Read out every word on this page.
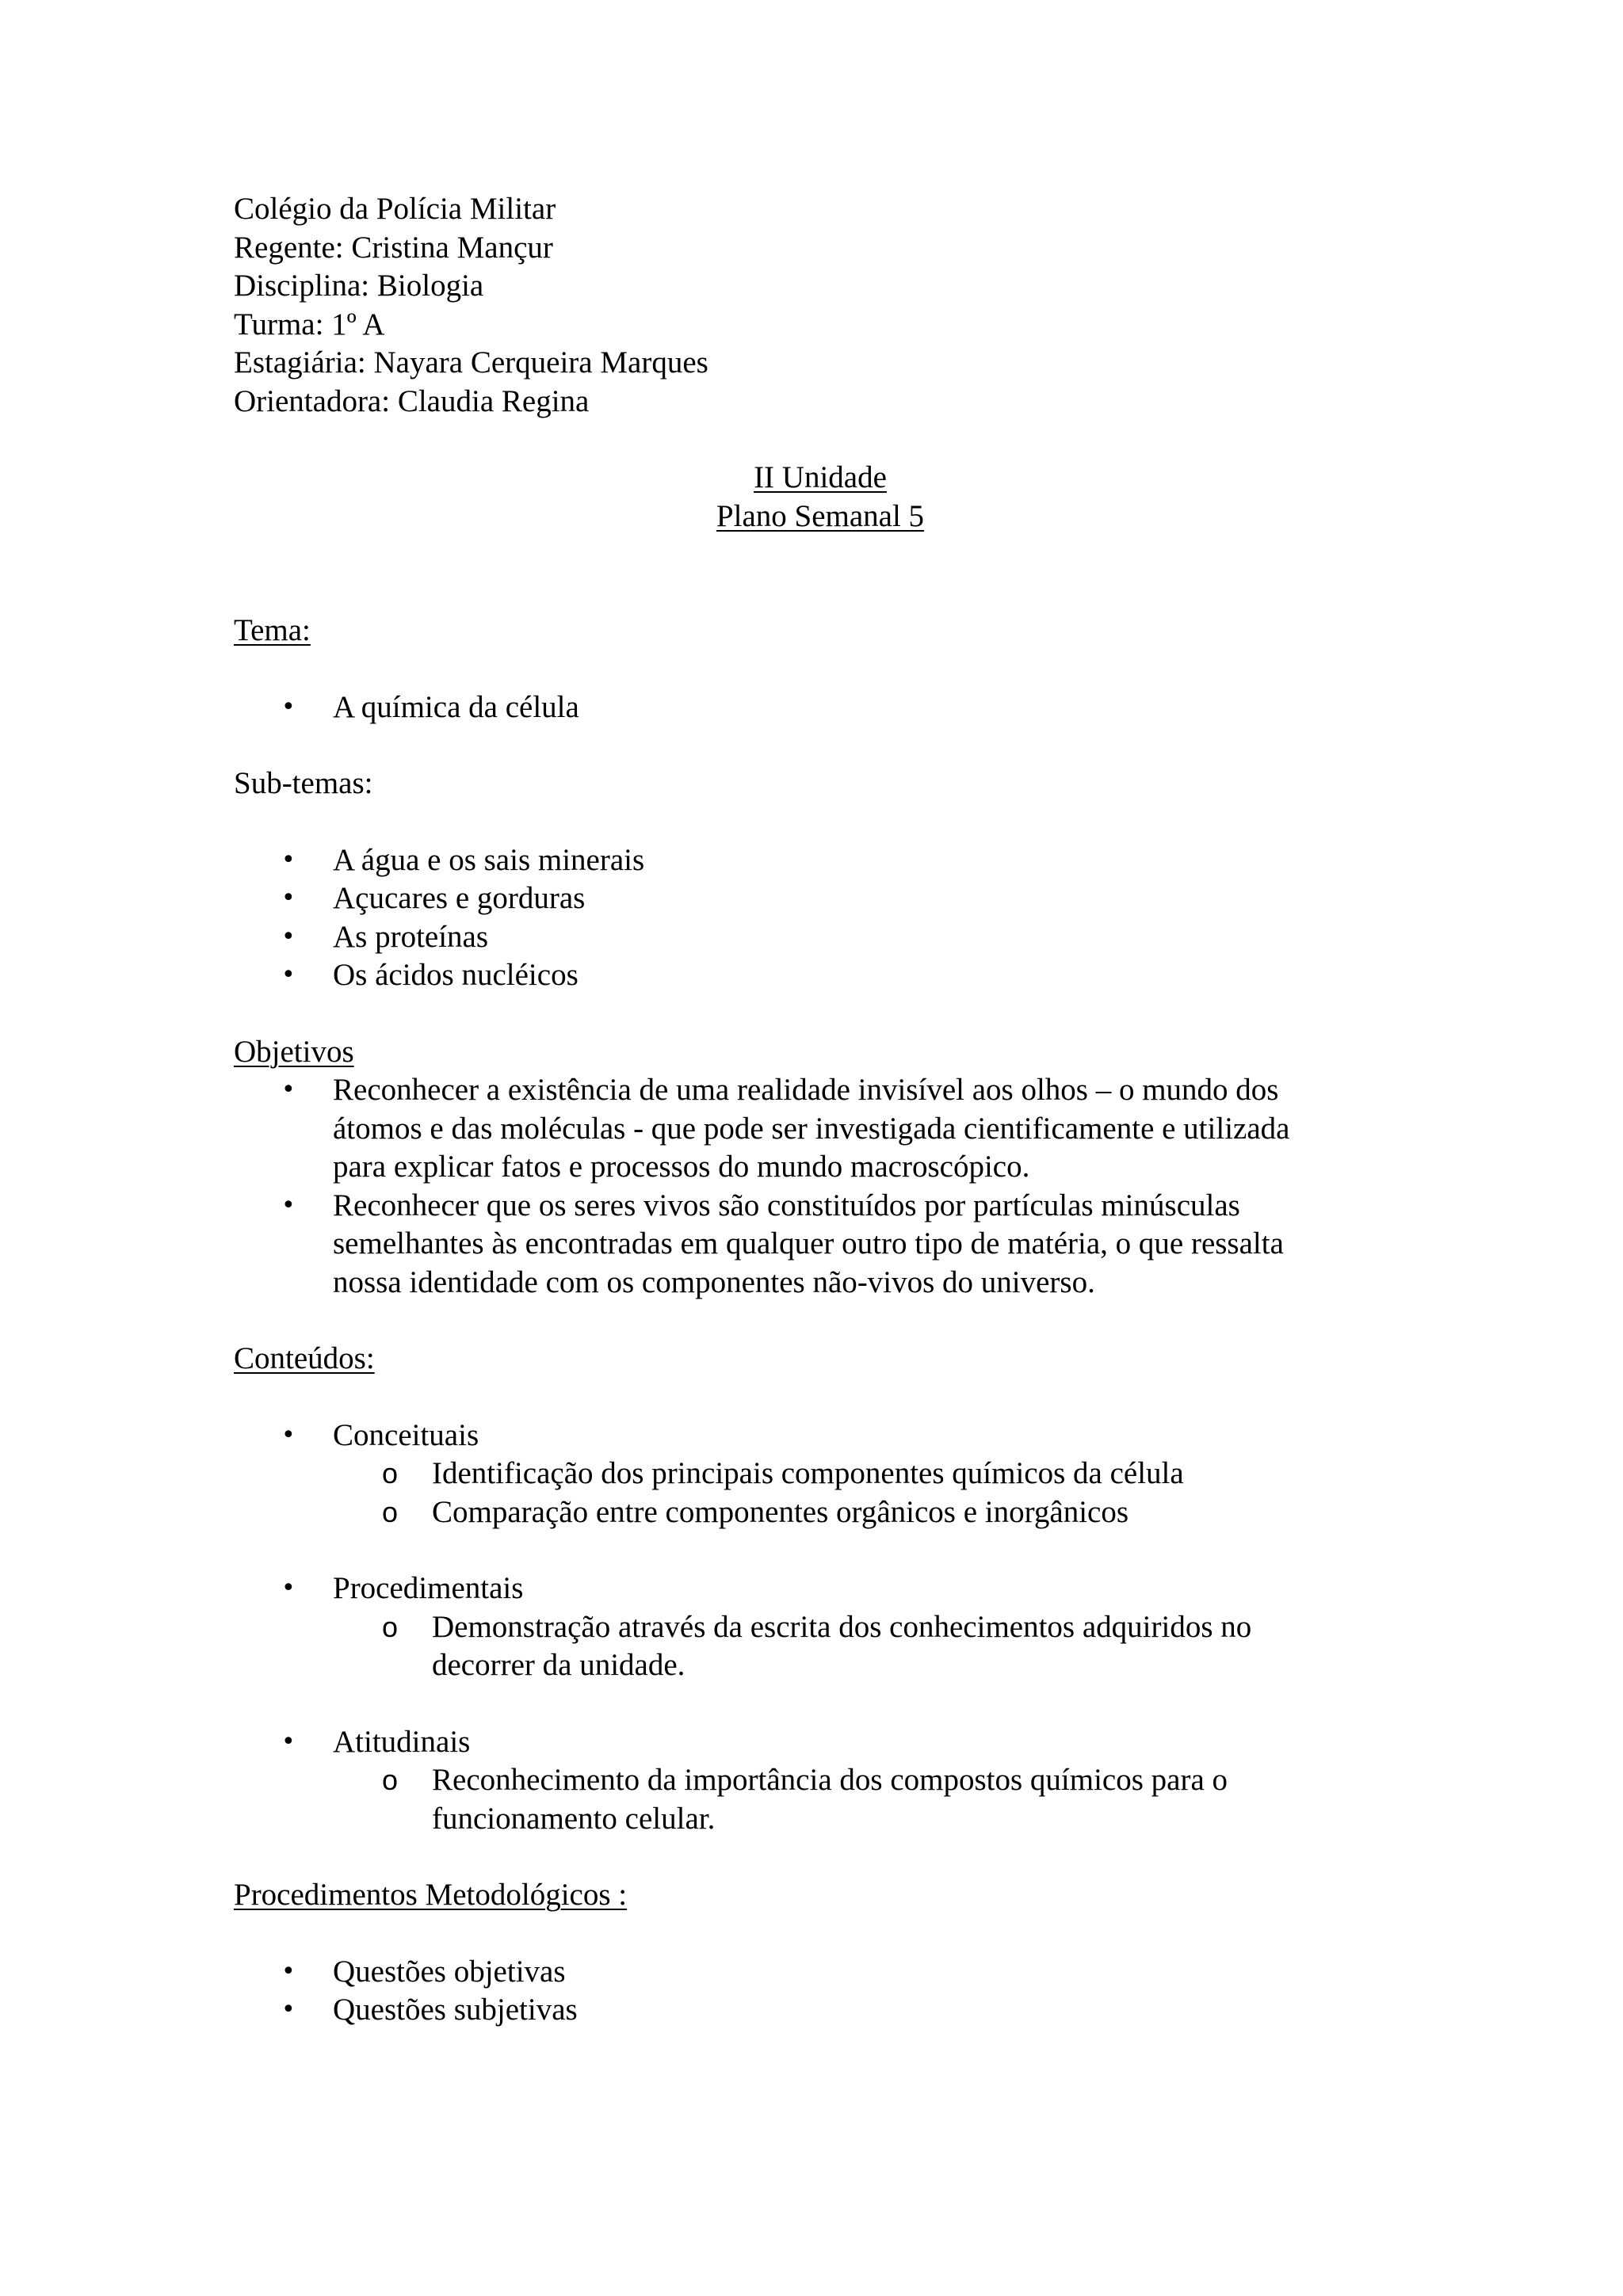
Colégio da Polícia Militar
Regente: Cristina Mançur
Disciplina: Biologia
Turma: 1º A
Estagiária: Nayara Cerqueira Marques
Orientadora: Claudia Regina
II Unidade
Plano Semanal 5
Tema:
•	A química da célula
Sub-temas:
•	A água e os sais minerais
•	Açucares e gorduras
•	As proteínas
•	Os ácidos nucléicos
Objetivos
•	Reconhecer a existência de uma realidade invisível aos olhos – o mundo dos
átomos e das moléculas - que pode ser investigada cientificamente e utilizada
para explicar fatos e processos do mundo macroscópico.
•	Reconhecer que os seres vivos são constituídos por partículas minúsculas
semelhantes às encontradas em qualquer outro tipo de matéria, o que ressalta
nossa identidade com os componentes não-vivos do universo.
Conteúdos:
•	Conceituais
o	Identificação dos principais componentes químicos da célula
o	Comparação entre componentes orgânicos e inorgânicos
•	Procedimentais
o	Demonstração através da escrita dos conhecimentos adquiridos no
decorrer da unidade.
•	Atitudinais
o	Reconhecimento da importância dos compostos químicos para o
funcionamento celular.
Procedimentos Metodológicos :
•	Questões objetivas
•	Questões subjetivas
